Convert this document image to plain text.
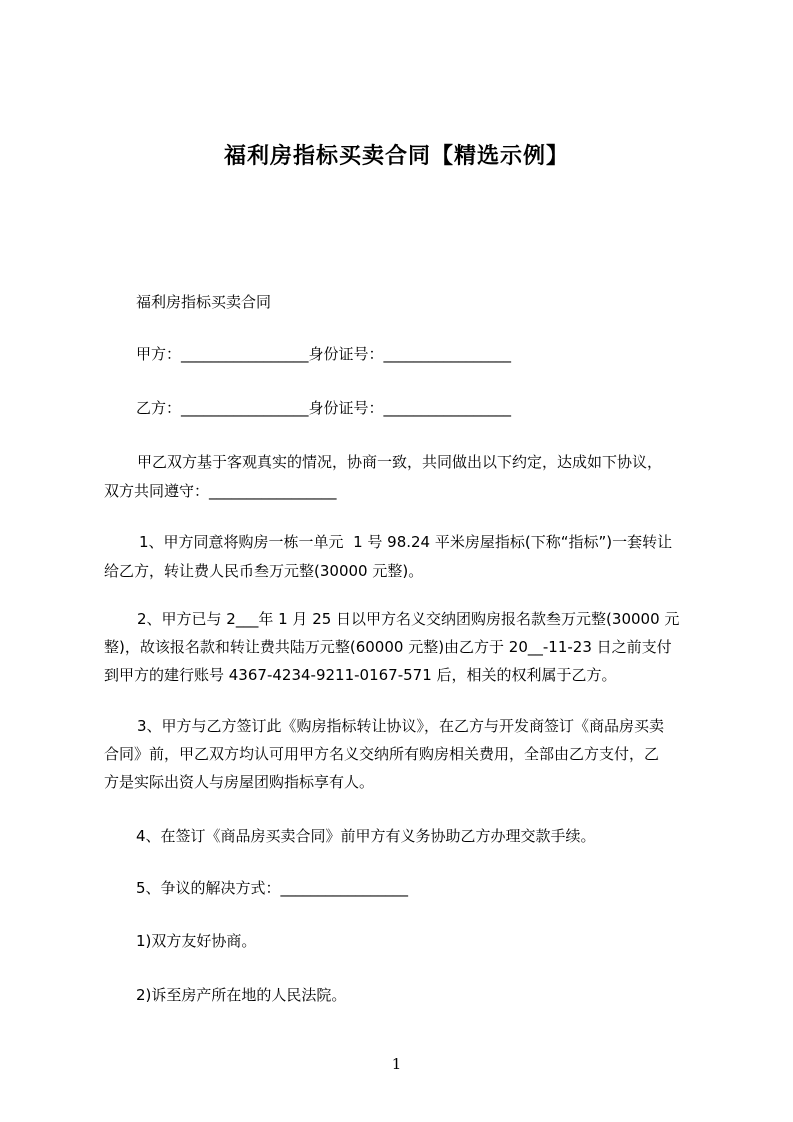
福利房指标买卖合同【精选示例】
福利房指标买卖合同
甲方：_________________身份证号：_________________
乙方：_________________身份证号：_________________
甲乙双方基于客观真实的情况，协商一致，共同做出以下约定，达成如下协议，
双方共同遵守：_________________
1、甲方同意将购房一栋一单元  1 号 98.24 平米房屋指标(下称“指标”)一套转让
给乙方，转让费人民币叁万元整(30000 元整)。
2、甲方已与 2___年 1 月 25 日以甲方名义交纳团购房报名款叁万元整(30000 元
整)，故该报名款和转让费共陆万元整(60000 元整)由乙方于 20__-11-23 日之前支付
到甲方的建行账号 4367-4234-9211-0167-571 后，相关的权利属于乙方。
3、甲方与乙方签订此《购房指标转让协议》，在乙方与开发商签订《商品房买卖
合同》前，甲乙双方均认可用甲方名义交纳所有购房相关费用，全部由乙方支付，乙
方是实际出资人与房屋团购指标享有人。
4、在签订《商品房买卖合同》前甲方有义务协助乙方办理交款手续。
5、争议的解决方式：_________________
1)双方友好协商。
2)诉至房产所在地的人民法院。
1
